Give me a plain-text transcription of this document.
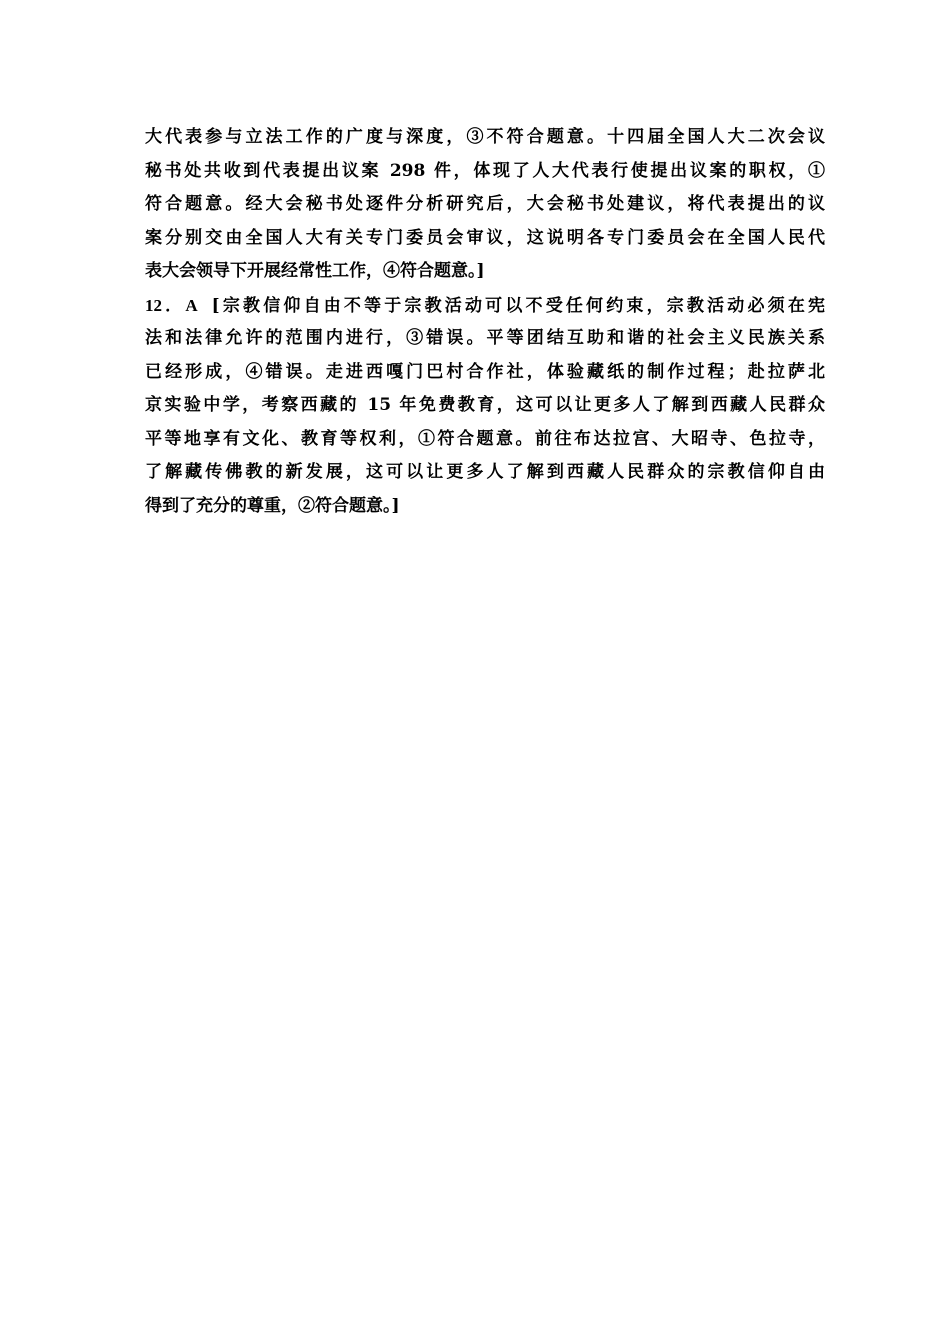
大代表参与立法工作的广度与深度，③不符合题意。十四届全国人大二次会议
秘书处共收到代表提出议案 298 件，体现了人大代表行使提出议案的职权，①
符合题意。经大会秘书处逐件分析研究后，大会秘书处建议，将代表提出的议
案分别交由全国人大有关专门委员会审议，这说明各专门委员会在全国人民代
表大会领导下开展经常性工作，④符合题意。]
12．A [宗教信仰自由不等于宗教活动可以不受任何约束，宗教活动必须在宪
法和法律允许的范围内进行，③错误。平等团结互助和谐的社会主义民族关系
已经形成，④错误。走进西嘎门巴村合作社，体验藏纸的制作过程；赴拉萨北
京实验中学，考察西藏的 15 年免费教育，这可以让更多人了解到西藏人民群众
平等地享有文化、教育等权利，①符合题意。前往布达拉宫、大昭寺、色拉寺，
了解藏传佛教的新发展，这可以让更多人了解到西藏人民群众的宗教信仰自由
得到了充分的尊重，②符合题意。]
